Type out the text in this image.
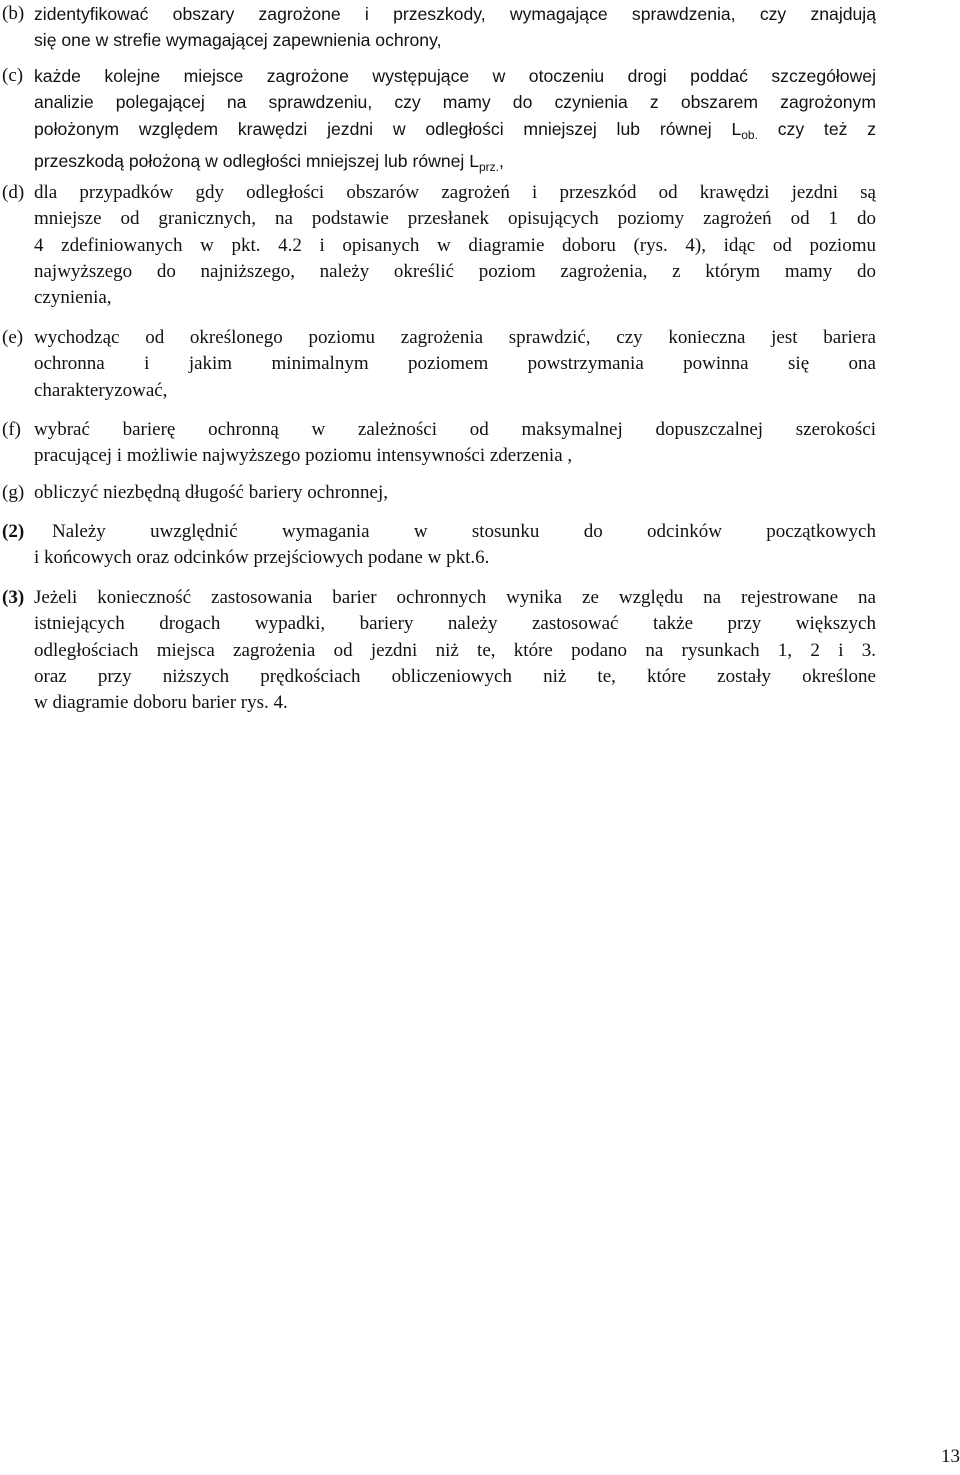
(b) zidentyfikować obszary zagrożone i przeszkody, wymagające sprawdzenia, czy znajdują
się one w strefie wymagającej zapewnienia ochrony,
(c) każde kolejne miejsce zagrożone występujące w otoczeniu drogi poddać szczegółowej
analizie polegającej na sprawdzeniu, czy mamy do czynienia z obszarem zagrożonym
położonym względem krawędzi jezdni w odległości mniejszej lub równej $L_{ob.}$ czy też z
przeszkodą położoną w odległości mniejszej lub równej $L_{prz.}$,
(d) dla przypadków gdy odległości obszarów zagrożeń i przeszkód od krawędzi jezdni są
mniejsze od granicznych, na podstawie przesłanek opisujących poziomy zagrożeń od 1 do
4 zdefiniowanych w pkt. 4.2 i opisanych w diagramie doboru (rys. 4), idąc od poziomu
najwyższego do najniższego, należy określić poziom zagrożenia, z którym mamy do
czynienia,
(e) wychodząc od określonego poziomu zagrożenia sprawdzić, czy konieczna jest bariera
ochronna i jakim minimalnym poziomem powstrzymania powinna się ona
charakteryzować,
(f) wybrać barierę ochronną w zależności od maksymalnej dopuszczalnej szerokości
pracującej i możliwie najwyższego poziomu intensywności zderzenia ,
(g) obliczyć niezbędną długość bariery ochronnej,
(2)	Należy uwzględnić wymagania w stosunku do odcinków początkowych
i końcowych oraz odcinków przejściowych podane w pkt.6.
(3) Jeżeli konieczność zastosowania barier ochronnych wynika ze względu na rejestrowane na
istniejących drogach wypadki, bariery należy zastosować także przy większych
odległościach miejsca zagrożenia od jezdni niż te, które podano na rysunkach 1, 2 i 3.
oraz przy niższych prędkościach obliczeniowych niż te, które zostały określone
w diagramie doboru barier rys. 4.
13
